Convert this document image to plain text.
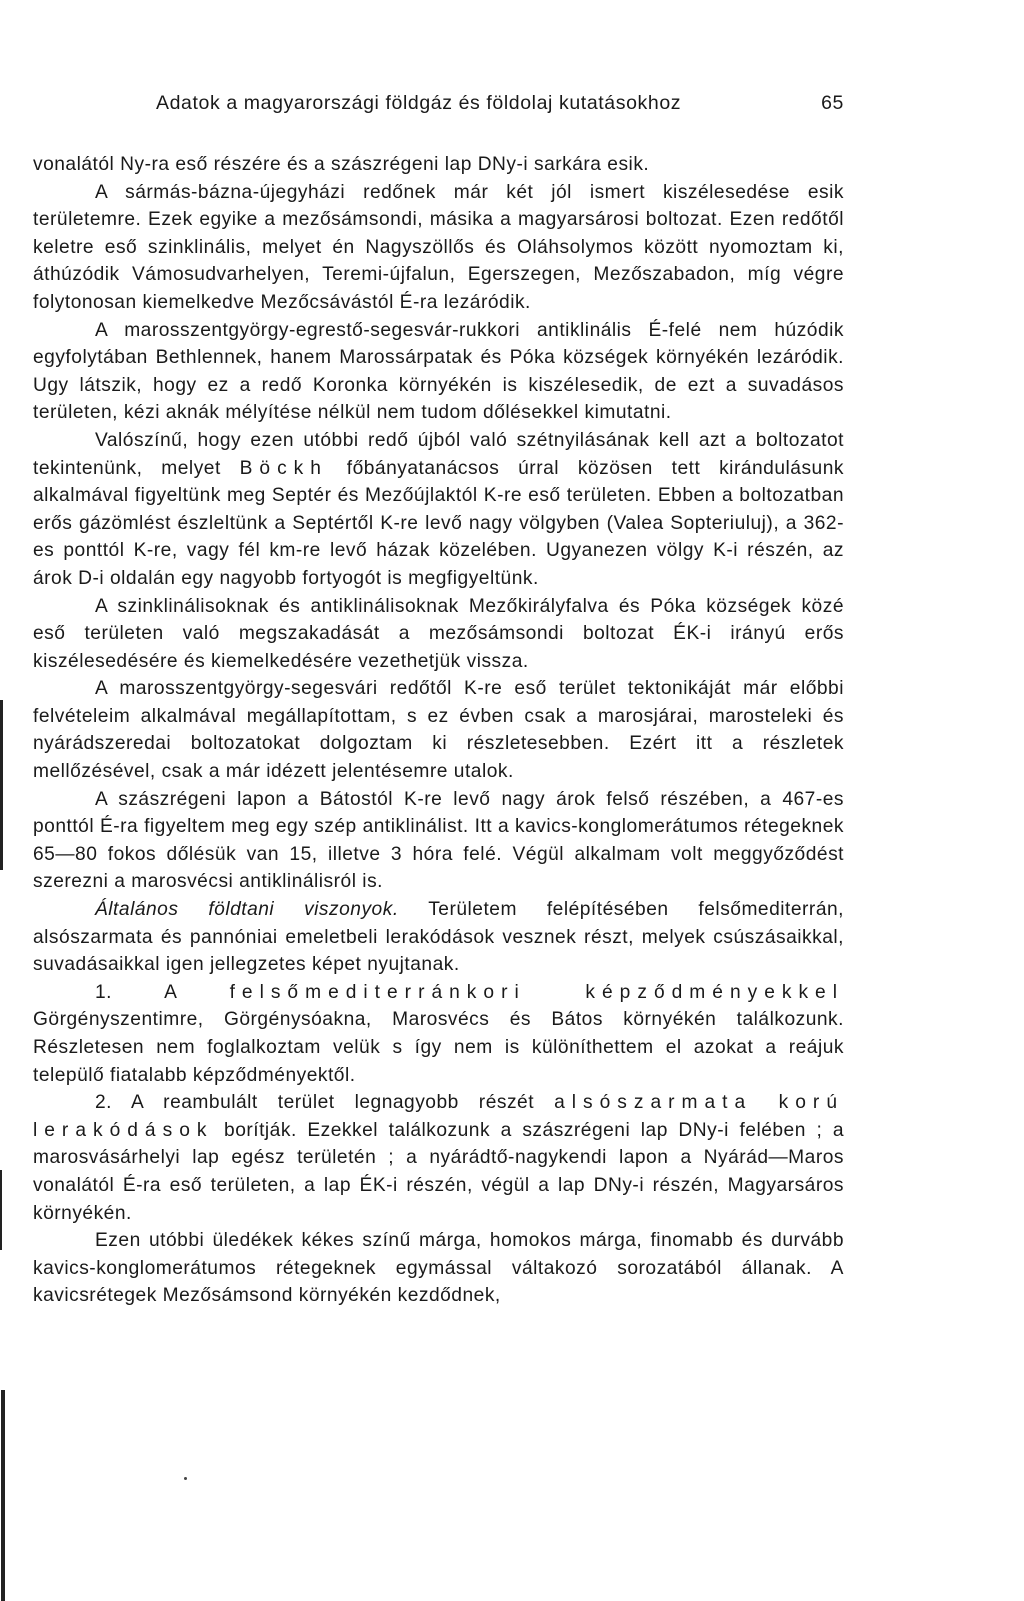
Adatok a magyarországi földgáz és földolaj kutatásokhoz	65

vonalától Ny-ra eső részére és a szászrégeni lap DNy-i sarkára esik.

A sármás-bázna-újegyházi redőnek már két jól ismert kiszélesedése esik területemre. Ezek egyike a mezősámsondi, másika a magyarsárosi boltozat. Ezen redőtől keletre eső szinklinális, melyet én Nagyszöllős és Oláhsolymos között nyomoztam ki, áthúzódik Vámosudvarhelyen, Teremi-újfalun, Egerszegen, Mezőszabadon, míg végre folytonosan kiemelkedve Mezőcsávástól É-ra lezáródik.

A marosszentgyörgy-egrestő-segesvár-rukkori antiklinális É-felé nem húzódik egyfolytában Bethlennek, hanem Marossárpatak és Póka községek környékén lezáródik. Ugy látszik, hogy ez a redő Koronka környékén is kiszélesedik, de ezt a suvadásos területen, kézi aknák mélyítése nélkül nem tudom dőlésekkel kimutatni.

Valószínű, hogy ezen utóbbi redő újból való szétnyilásának kell azt a boltozatot tekintenünk, melyet Böckh főbányatanácsos úrral közösen tett kirándulásunk alkalmával figyeltünk meg Septér és Mezőújlaktól K-re eső területen. Ebben a boltozatban erős gázömlést észleltünk a Septértől K-re levő nagy völgyben (Valea Sopteriuluj), a 362-es ponttól K-re, vagy fél km-re levő házak közelében. Ugyanezen völgy K-i részén, az árok D-i oldalán egy nagyobb fortyogót is megfigyeltünk.

A szinklinálisoknak és antiklinálisoknak Mezőkirályfalva és Póka községek közé eső területen való megszakadását a mezősámsondi boltozat ÉK-i irányú erős kiszélesedésére és kiemelkedésére vezethetjük vissza.

A marosszentgyörgy-segesvári redőtől K-re eső terület tektonikáját már előbbi felvételeim alkalmával megállapítottam, s ez évben csak a marosjárai, marosteleki és nyárádszeredai boltozatokat dolgoztam ki részletesebben. Ezért itt a részletek mellőzésével, csak a már idézett jelentésemre utalok.

A szászrégeni lapon a Bátostól K-re levő nagy árok felső részében, a 467-es ponttól É-ra figyeltem meg egy szép antiklinálist. Itt a kavics-konglomerátumos rétegeknek 65—80 fokos dőlésük van 15, illetve 3 hóra felé. Végül alkalmam volt meggyőződést szerezni a marosvécsi antiklinálisról is.

Általános földtani viszonyok. Területem felépítésében felsőmediterrán, alsószarmata és pannóniai emeletbeli lerakódások vesznek részt, melyek csúszásaikkal, suvadásaikkal igen jellegzetes képet nyujtanak.

1. A felsőmediterránkori képződményekkel Görgényszentimre, Görgénysóakna, Marosvécs és Bátos környékén találkozunk. Részletesen nem foglalkoztam velük s így nem is különíthettem el azokat a reájuk települő fiatalabb képződményektől.

2. A reambulált terület legnagyobb részét alsószarmata korú lerakódások borítják. Ezekkel találkozunk a szászrégeni lap DNy-i felében ; a marosvásárhelyi lap egész területén ; a nyárádtő-nagykendi lapon a Nyárád—Maros vonalától É-ra eső területen, a lap ÉK-i részén, végül a lap DNy-i részén, Magyarsáros környékén.

Ezen utóbbi üledékek kékes színű márga, homokos márga, finomabb és durvább kavics-konglomerátumos rétegeknek egymással váltakozó sorozatából állanak. A kavicsrétegek Mezősámsond környékén kezdődnek,
